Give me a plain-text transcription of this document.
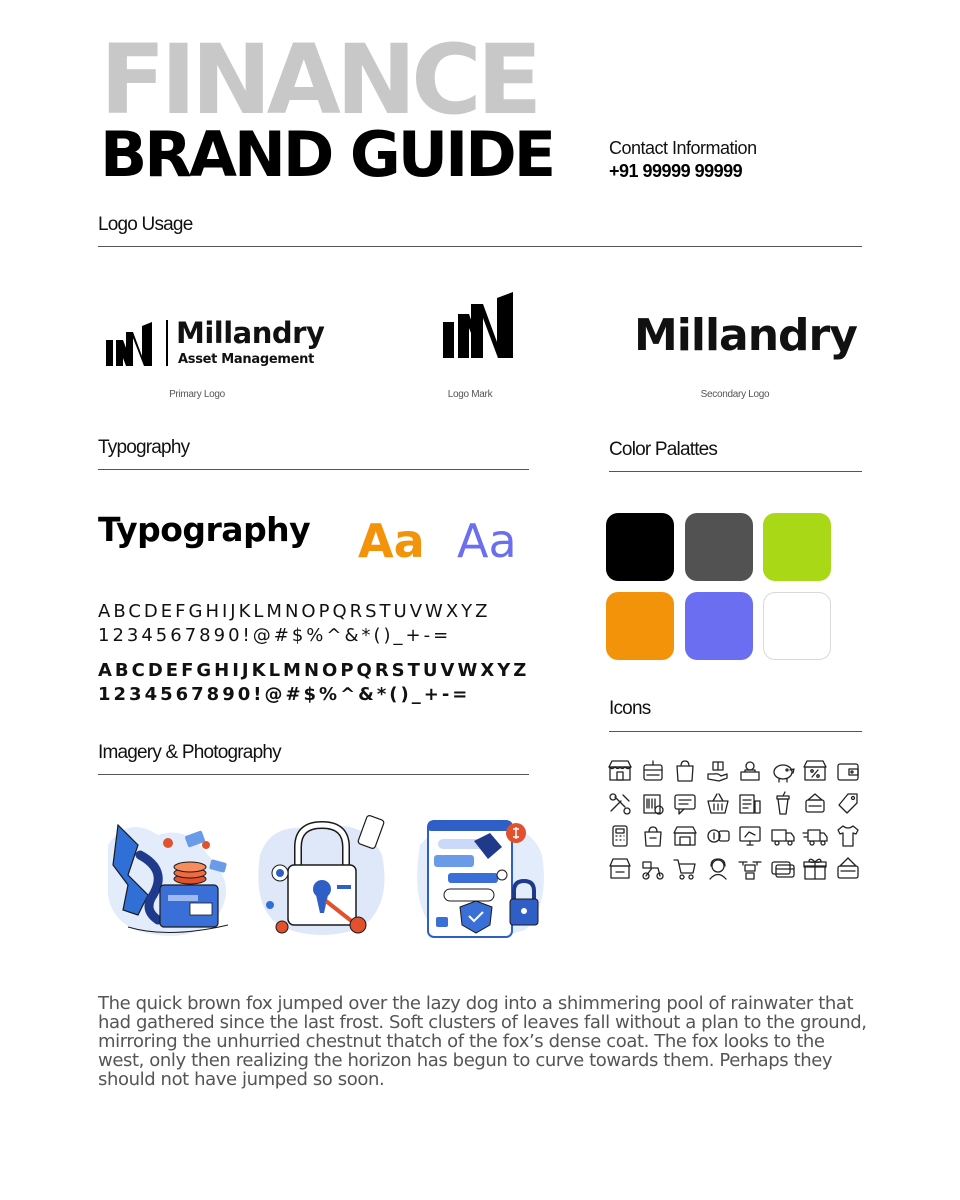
FINANCE
BRAND GUIDE	Contact Information
+91 99999 99999
Logo Usage
Millandry
Asset Management
Primary Logo	Logo Mark
Millandry
Secondary Logo
Typography
Typography Aa Aa
ABCDEFGHIJKLMNOPQRSTUVWXYZ
1234567890!@#$%^&*()_+-=
ABCDEFGHIJKLMNOPQRSTUVWXYZ
1234567890!@#$%^&*()_+-=
Color Palattes
Icons
Imagery & Photography
The quick brown fox jumped over the lazy dog into a shimmering pool of rainwater that had gathered since the last frost. Soft clusters of leaves fall without a plan to the ground, mirroring the unhurried chestnut thatch of the fox’s dense coat. The fox looks to the west, only then realizing the horizon has begun to curve towards them. Perhaps they should not have jumped so soon.
